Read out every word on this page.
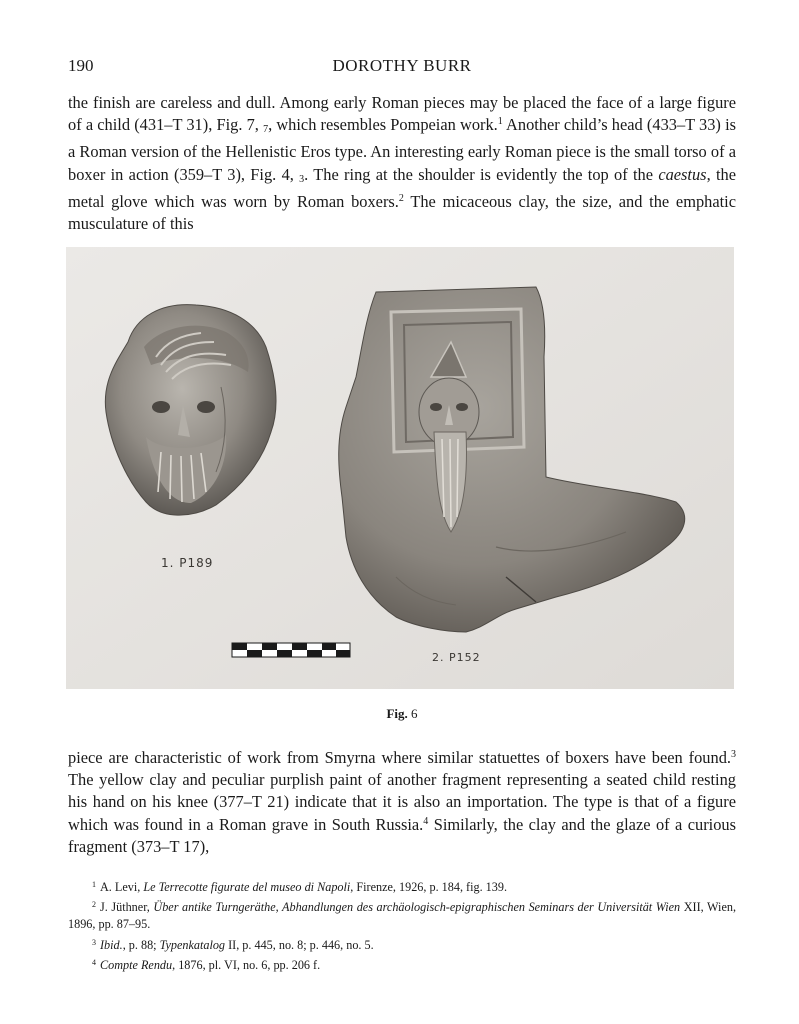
190	DOROTHY BURR

the finish are careless and dull. Among early Roman pieces may be placed the face of a large figure of a child (431–T 31), Fig. 7, $_7$, which resembles Pompeian work.$^1$ Another child’s head (433–T 33) is a Roman version of the Hellenistic Eros type. An interesting early Roman piece is the small torso of a boxer in action (359–T 3), Fig. 4, $_3$. The ring at the shoulder is evidently the top of the caestus, the metal glove which was worn by Roman boxers.$^2$ The micaceous clay, the size, and the emphatic musculature of this

1. P189
2. P152
Fig. 6

piece are characteristic of work from Smyrna where similar statuettes of boxers have been found.$^3$ The yellow clay and peculiar purplish paint of another fragment representing a seated child resting his hand on his knee (377–T 21) indicate that it is also an importation. The type is that of a figure which was found in a Roman grave in South Russia.$^4$ Similarly, the clay and the glaze of a curious fragment (373–T 17),

$^1$ A. Levi, Le Terrecotte figurate del museo di Napoli, Firenze, 1926, p. 184, fig. 139.

$^2$ J. Jüthner, Über antike Turngeräthe, Abhandlungen des archäologisch-epigraphischen Seminars der Universität Wien XII, Wien, 1896, pp. 87–95.

$^3$ Ibid., p. 88; Typenkatalog II, p. 445, no. 8; p. 446, no. 5.

$^4$ Compte Rendu, 1876, pl. VI, no. 6, pp. 206 f.
